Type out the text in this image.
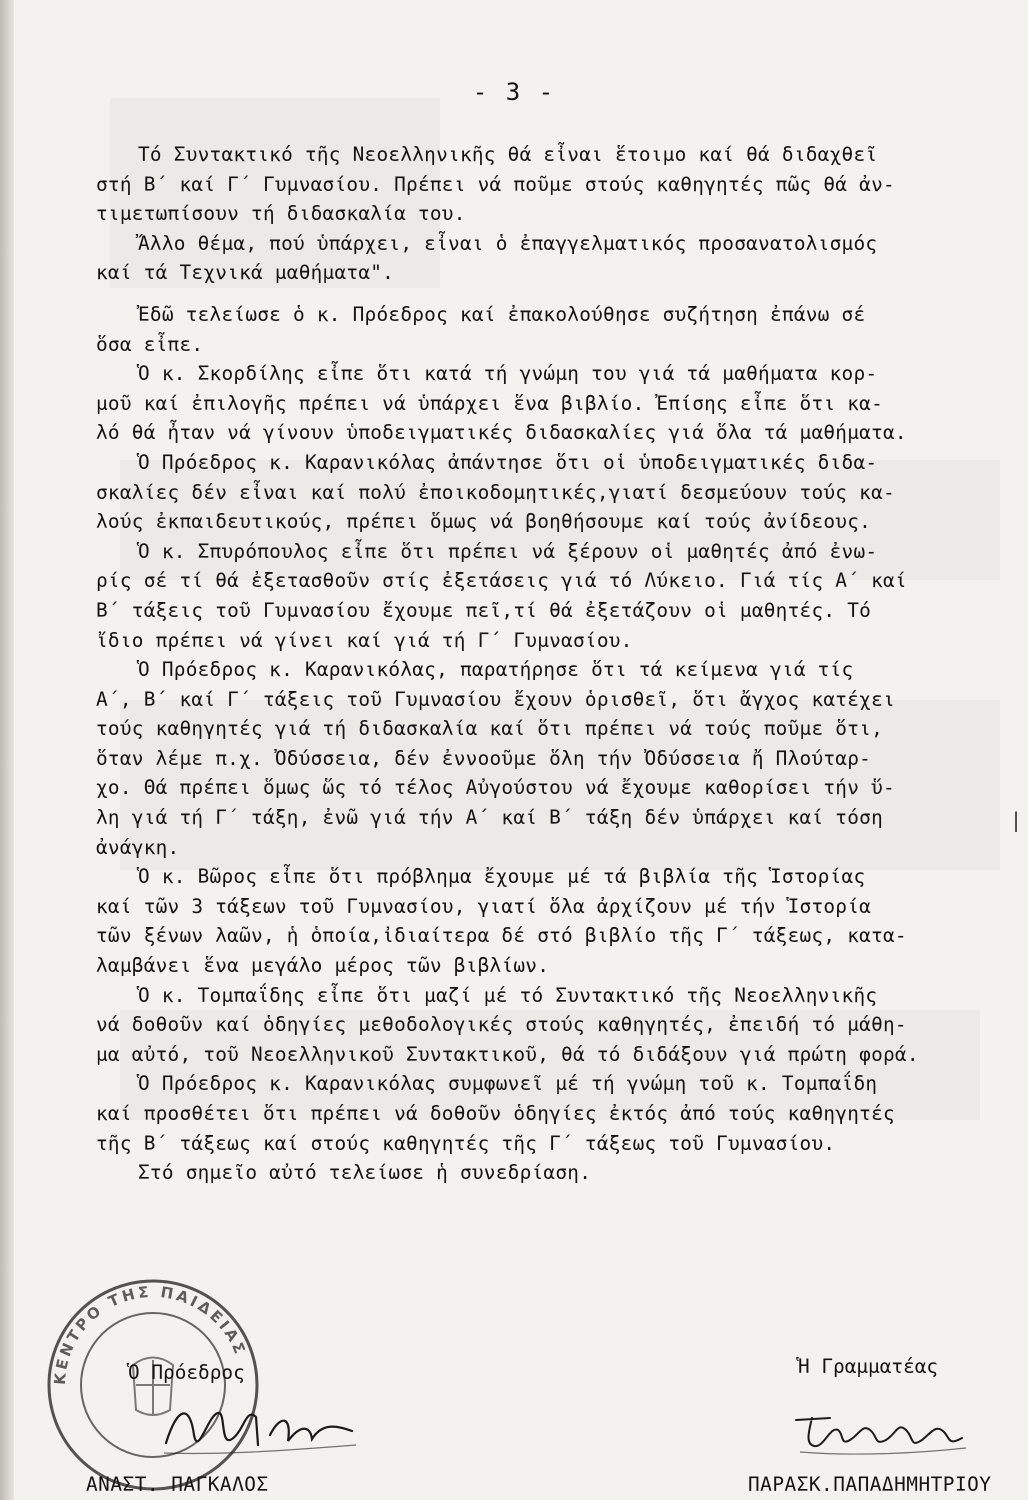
- 3 -
Τό Συντακτικό τῆς Νεοελληνικῆς θά εἶναι ἕτοιμο καί θά διδαχθεῖ
στή Β΄ καί Γ΄ Γυμνασίου. Πρέπει νά ποῦμε στούς καθηγητές πῶς θά ἀν-
τιμετωπίσουν τή διδασκαλία του.
Ἄλλο θέμα, πού ὑπάρχει, εἶναι ὁ ἐπαγγελματικός προσανατολισμός
καί τά Τεχνικά μαθήματα".
Ἐδῶ τελείωσε ὁ κ. Πρόεδρος καί ἐπακολούθησε συζήτηση ἐπάνω σέ
ὅσα εἶπε.
Ὁ κ. Σκορδίλης εἶπε ὅτι κατά τή γνώμη του γιά τά μαθήματα κορ-
μοῦ καί ἐπιλογῆς πρέπει νά ὑπάρχει ἕνα βιβλίο. Ἐπίσης εἶπε ὅτι κα-
λό θά ἦταν νά γίνουν ὑποδειγματικές διδασκαλίες γιά ὅλα τά μαθήματα.
Ὁ Πρόεδρος κ. Καρανικόλας ἀπάντησε ὅτι οἱ ὑποδειγματικές διδα-
σκαλίες δέν εἶναι καί πολύ ἐποικοδομητικές,γιατί δεσμεύουν τούς κα-
λούς ἐκπαιδευτικούς, πρέπει ὅμως νά βοηθήσουμε καί τούς ἀνίδεους.
Ὁ κ. Σπυρόπουλος εἶπε ὅτι πρέπει νά ξέρουν οἱ μαθητές ἀπό ἐνω-
ρίς σέ τί θά ἐξετασθοῦν στίς ἐξετάσεις γιά τό Λύκειο. Γιά τίς Α΄ καί
Β΄ τάξεις τοῦ Γυμνασίου ἔχουμε πεῖ,τί θά ἐξετάζουν οἱ μαθητές. Τό
ἴδιο πρέπει νά γίνει καί γιά τή Γ΄ Γυμνασίου.
Ὁ Πρόεδρος κ. Καρανικόλας, παρατήρησε ὅτι τά κείμενα γιά τίς
Α΄, Β΄ καί Γ΄ τάξεις τοῦ Γυμνασίου ἔχουν ὁρισθεῖ, ὅτι ἄγχος κατέχει
τούς καθηγητές γιά τή διδασκαλία καί ὅτι πρέπει νά τούς ποῦμε ὅτι,
ὅταν λέμε π.χ. Ὀδύσσεια, δέν ἐννοοῦμε ὅλη τήν Ὀδύσσεια ἤ Πλούταρ-
χο. Θά πρέπει ὅμως ὥς τό τέλος Αὐγούστου νά ἔχουμε καθορίσει τήν ὕ-
λη γιά τή Γ΄ τάξη, ἐνῶ γιά τήν Α΄ καί Β΄ τάξη δέν ὑπάρχει καί τόση
ἀνάγκη.
Ὁ κ. Βῶρος εἶπε ὅτι πρόβλημα ἔχουμε μέ τά βιβλία τῆς Ἱστορίας
καί τῶν 3 τάξεων τοῦ Γυμνασίου, γιατί ὅλα ἀρχίζουν μέ τήν Ἱστορία
τῶν ξένων λαῶν, ἡ ὁποία,ἰδιαίτερα δέ στό βιβλίο τῆς Γ΄ τάξεως, κατα-
λαμβάνει ἕνα μεγάλο μέρος τῶν βιβλίων.
Ὁ κ. Τομπαΐδης εἶπε ὅτι μαζί μέ τό Συντακτικό τῆς Νεοελληνικῆς
νά δοθοῦν καί ὁδηγίες μεθοδολογικές στούς καθηγητές, ἐπειδή τό μάθη-
μα αὐτό, τοῦ Νεοελληνικοῦ Συντακτικοῦ, θά τό διδάξουν γιά πρώτη φορά.
Ὁ Πρόεδρος κ. Καρανικόλας συμφωνεῖ μέ τή γνώμη τοῦ κ. Τομπαΐδη
καί προσθέτει ὅτι πρέπει νά δοθοῦν ὁδηγίες ἐκτός ἀπό τούς καθηγητές
τῆς Β΄ τάξεως καί στούς καθηγητές τῆς Γ΄ τάξεως τοῦ Γυμνασίου.
Στό σημεῖο αὐτό τελείωσε ἡ συνεδρίαση.
|
ΚΕΝΤΡΟ ΤΗΣ ΠΑΙΔΕΙΑΣ
Ὁ Πρόεδρος	Ἡ Γραμματέας
ΑΝΑΣΤ. ΠΑΓΚΑΛΟΣ	ΠΑΡΑΣΚ.ΠΑΠΑΔΗΜΗΤΡΙΟΥ
